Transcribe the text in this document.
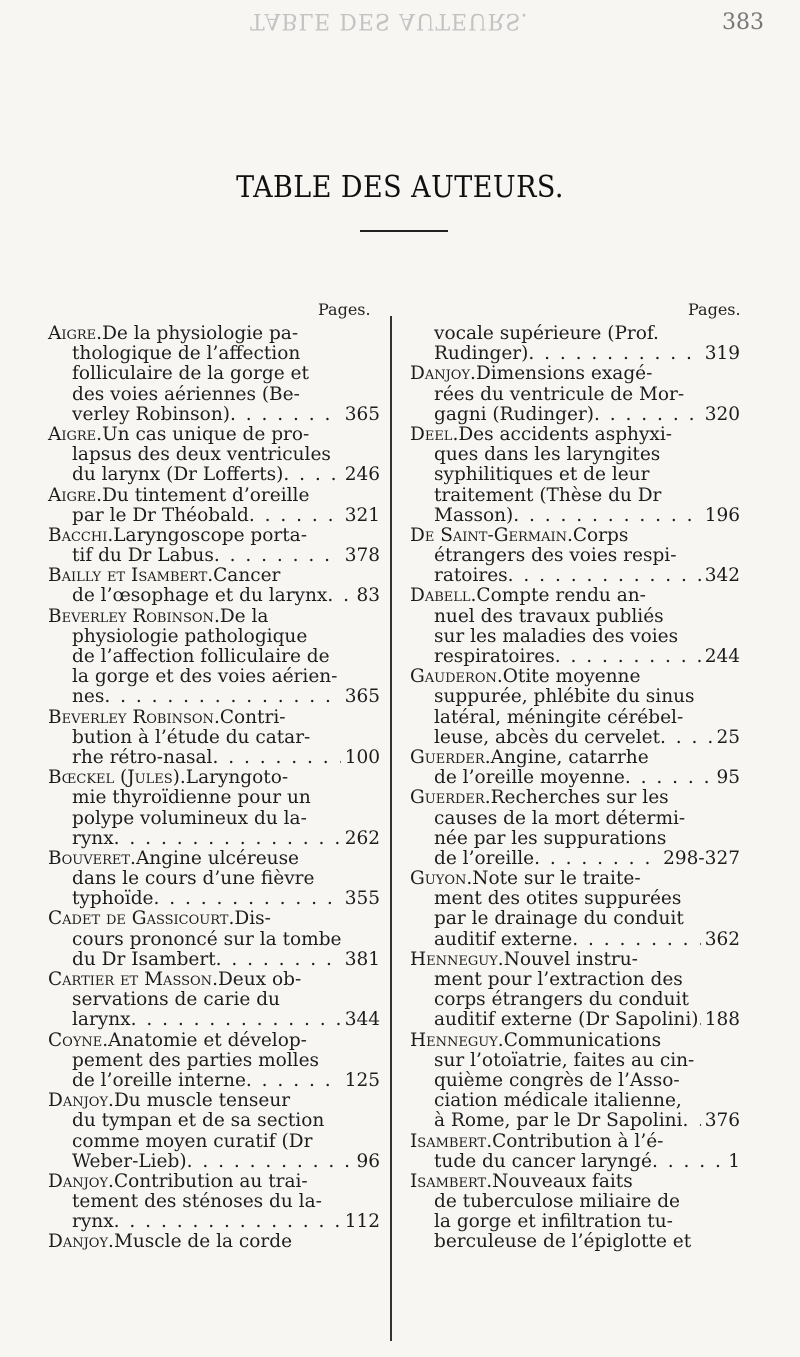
TABLE DES AUTEURS.	383
TABLE DES AUTEURS.
Pages.	Pages.
Aigre . De la physiologie pa-
thologique de l’affection
folliculaire de la gorge et
des voies aériennes (Be-
verley Robinson) . . .	365
Aigre . Un cas unique de pro-
lapsus des deux ventricules
du larynx (Dr Lofferts) . . .	246
Aigre . Du tintement d’oreille
par le Dr Théobald . . .	321
Bacchi . Laryngoscope porta-
tif du Dr Labus . . .	378
Bailly et Isambert . Cancer
de l’œsophage et du larynx . . . 83
Beverley Robinson . De la
physiologie pathologique
de l’affection folliculaire de
la gorge et des voies aérien-
nes . . .	365
Beverley Robinson . Contri-
bution à l’étude du catar-
rhe rétro-nasal . . .	100
Bœckel (Jules) . Laryngoto-
mie thyroïdienne pour un
polype volumineux du la-
rynx . . .	262
Bouveret . Angine ulcéreuse
dans le cours d’une fièvre
typhoïde . . .	355
Cadet de Gassicourt . Dis-
cours prononcé sur la tombe
du Dr Isambert . . .	381
Cartier et Masson . Deux ob-
servations de carie du
larynx . . .	344
Coyne . Anatomie et dévelop-
pement des parties molles
de l’oreille interne . . .	125
Danjoy . Du muscle tenseur
du tympan et de sa section
comme moyen curatif (Dr
Weber-Lieb) . . .	96
Danjoy . Contribution au trai-
tement des sténoses du la-
rynx . . .	112
Danjoy . Muscle de la corde
vocale supérieure (Prof.
Rudinger) . . .	319
Danjoy . Dimensions exagé-
rées du ventricule de Mor-
gagni (Rudinger) . . .	320
Deel . Des accidents asphyxi-
ques dans les laryngites
syphilitiques et de leur
traitement (Thèse du Dr
Masson) . . .	196
De Saint-Germain . Corps
étrangers des voies respi-
ratoires . . .	342
Dabell . Compte rendu an-
nuel des travaux publiés
sur les maladies des voies
respiratoires . . .	244
Gauderon . Otite moyenne
suppurée, phlébite du sinus
latéral, méningite cérébel-
leuse, abcès du cervelet . . .	25
Guerder . Angine, catarrhe
de l’oreille moyenne . . .	95
Guerder . Recherches sur les
causes de la mort détermi-
née par les suppurations
de l’oreille . . .	298-327
Guyon . Note sur le traite-
ment des otites suppurées
par le drainage du conduit
auditif externe . . .	362
Henneguy . Nouvel instru-
ment pour l’extraction des
corps étrangers du conduit
auditif externe (Dr Sapolini) . . . 188
Henneguy . Communications
sur l’otoïatrie, faites au cin-
quième congrès de l’Asso-
ciation médicale italienne,
à Rome, par le Dr Sapolini . . . 376
Isambert . Contribution à l’é-
tude du cancer laryngé . . .	1
Isambert . Nouveaux faits
de tuberculose miliaire de
la gorge et infiltration tu-
berculeuse de l’épiglotte et
